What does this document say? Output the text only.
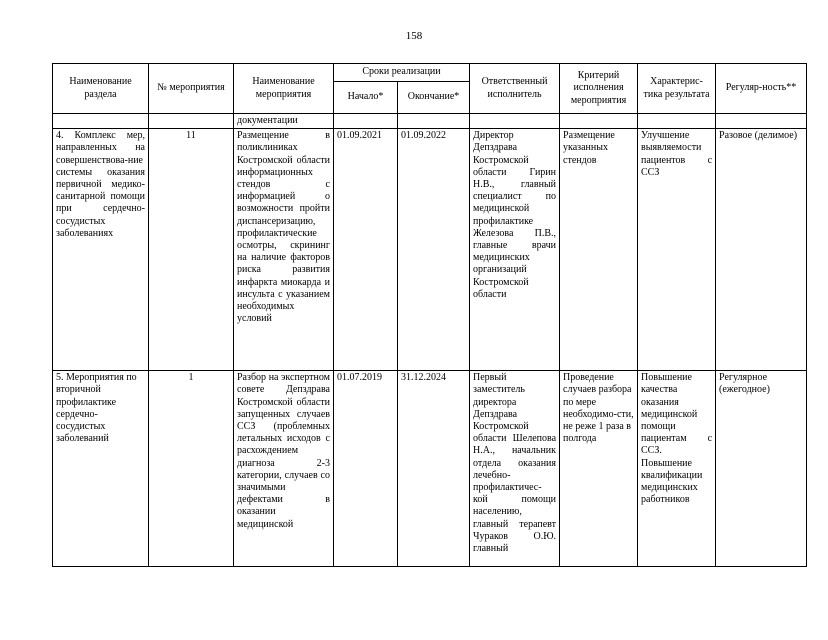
158
Наименование раздела	№ мероприятия	Наименование мероприятия	Сроки реализации		Ответственный исполнитель	Критерий исполнения мероприятия	Характерис-тика результата	Регуляр-ность**
			Начало*	Окончание*				
		документации						
4. Комплекс мер, направленных на совершенствова-ние системы оказания первичной медико-санитарной помощи при сердечно-сосудистых заболеваниях	11	Размещение в поликлиниках Костромской области информационных стендов с информацией о возможности пройти диспансеризацию, профилактические осмотры, скрининг на наличие факторов риска развития инфаркта миокарда и инсульта с указанием необходимых условий	01.09.2021	01.09.2022	Директор Депздрава Костромской области Гирин Н.В., главный специалист по медицинской профилактике Железова П.В., главные врачи медицинских организаций Костромской области	Размещение указанных стендов	Улучшение выявляемости пациентов с ССЗ	Разовое (делимое)
5. Мероприятия по вторичной профилактике сердечно-сосудистых заболеваний	1	Разбор на экспертном совете Депздрава Костромской области запущенных случаев ССЗ (проблемных летальных исходов с расхождением диагноза 2-3 категории, случаев со значимыми дефектами в оказании медицинской	01.07.2019	31.12.2024	Первый заместитель директора Депздрава Костромской области Шелепова Н.А., начальник отдела оказания лечебно-профилактичес-кой помощи населению, главный терапевт Чураков О.Ю. главный	Проведение случаев разбора по мере необходимо-сти, не реже 1 раза в полгода	Повышение качества оказания медицинской помощи пациентам с ССЗ. Повышение квалификации медицинских работников	Регулярное (ежегодное)
